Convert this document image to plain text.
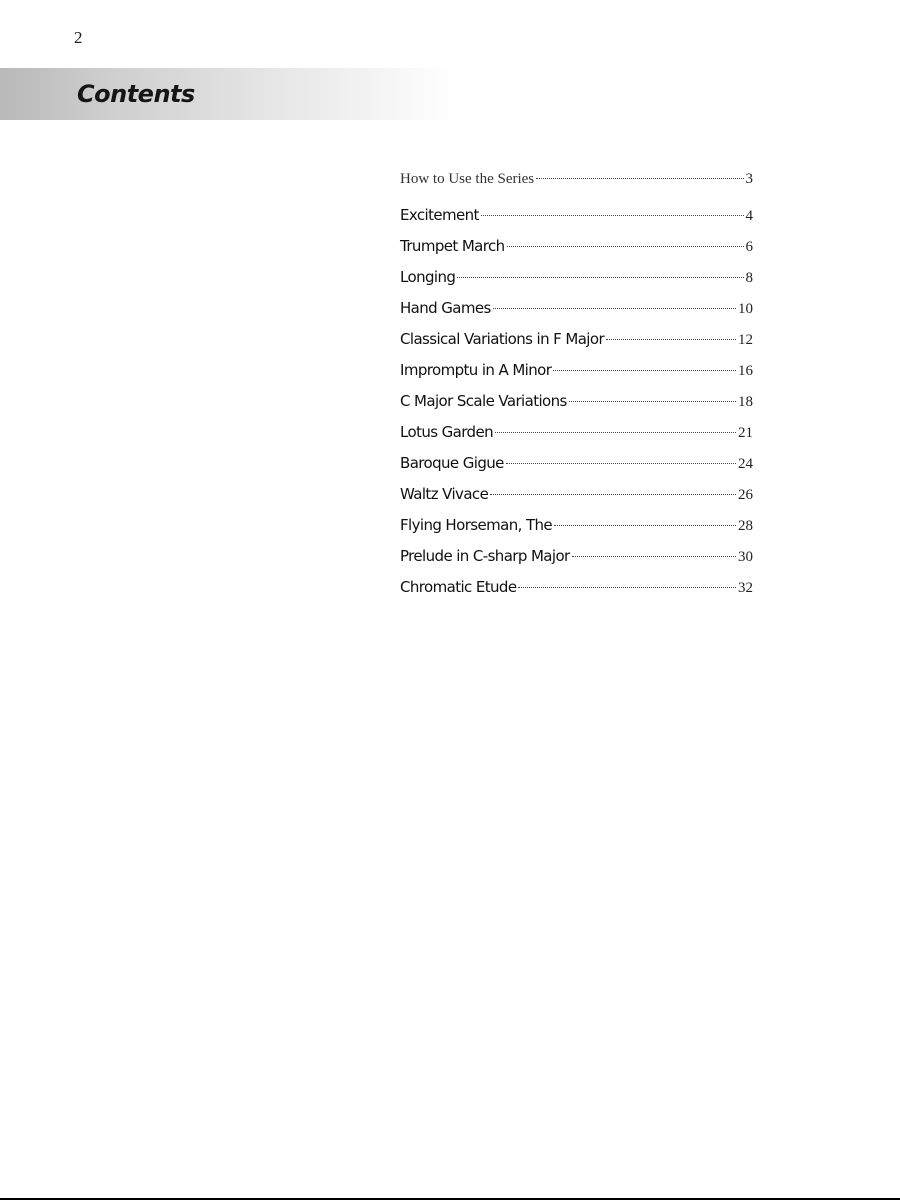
2
Contents
How to Use the Series	3
Excitement	4
Trumpet March	6
Longing	8
Hand Games	10
Classical Variations in F Major	12
Impromptu in A Minor	16
C Major Scale Variations	18
Lotus Garden	21
Baroque Gigue	24
Waltz Vivace	26
Flying Horseman, The	28
Prelude in C-sharp Major	30
Chromatic Etude	32
